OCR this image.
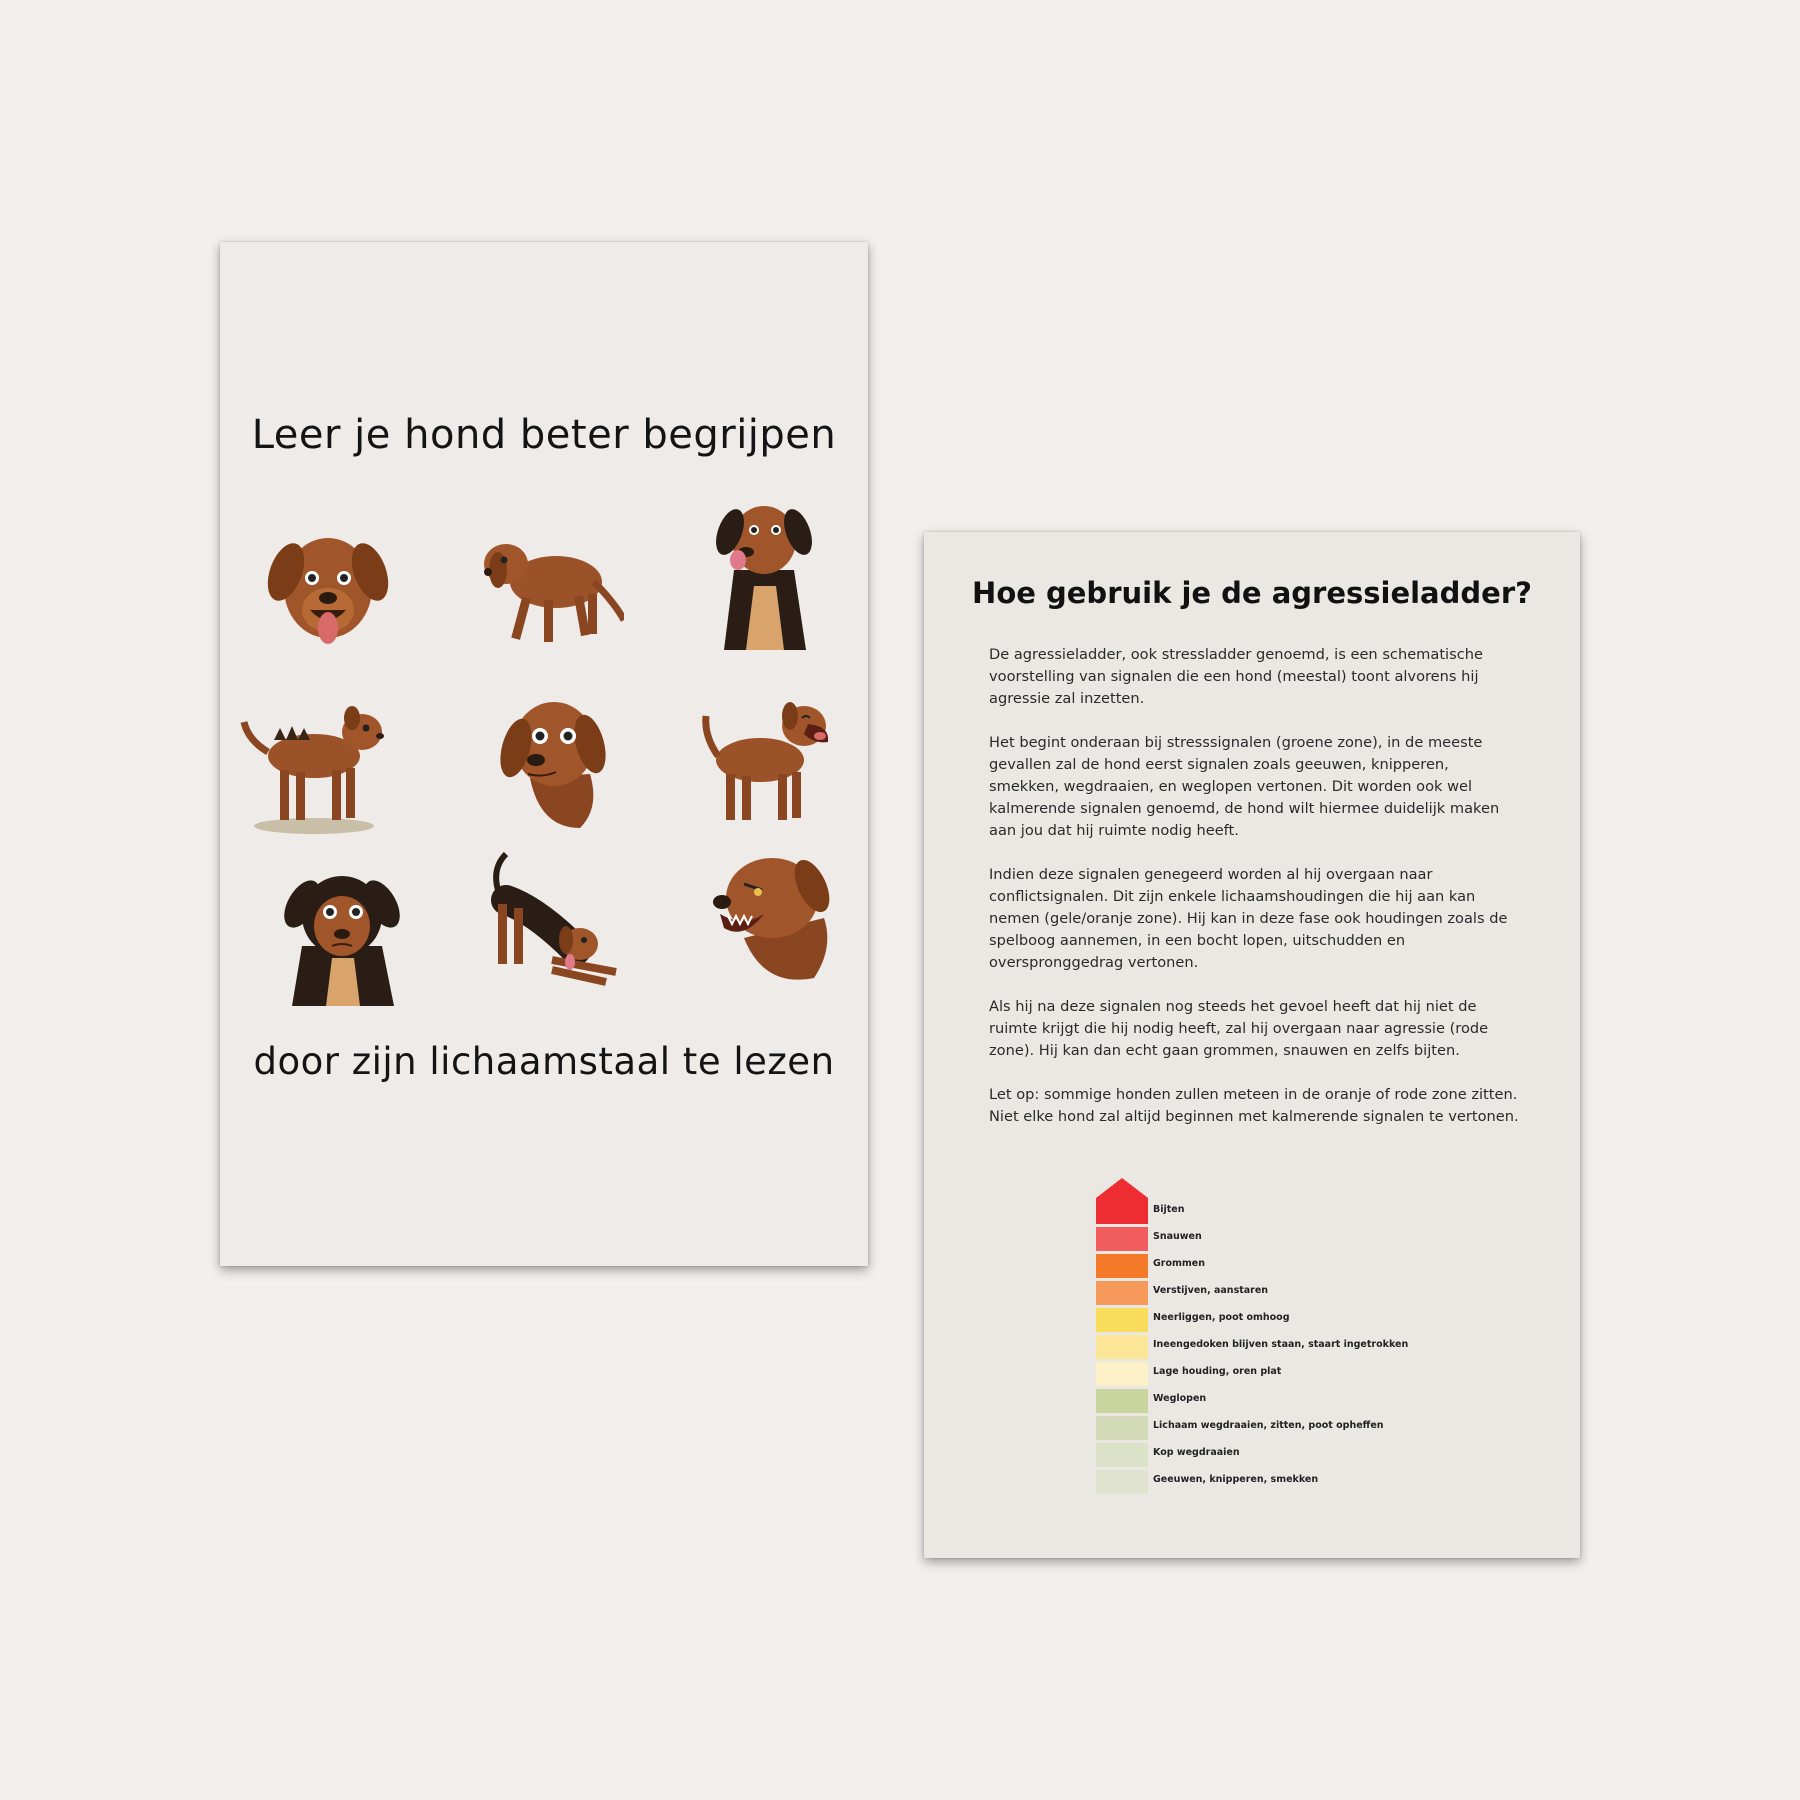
Leer je hond beter begrijpen
door zijn lichaamstaal te lezen
Hoe gebruik je de agressieladder?

De agressieladder, ook stressladder genoemd, is een schematische voorstelling van signalen die een hond (meestal) toont alvorens hij agressie zal inzetten.

Het begint onderaan bij stresssignalen (groene zone), in de meeste gevallen zal de hond eerst signalen zoals geeuwen, knipperen, smekken, wegdraaien, en weglopen vertonen. Dit worden ook wel kalmerende signalen genoemd, de hond wilt hiermee duidelijk maken aan jou dat hij ruimte nodig heeft.

Indien deze signalen genegeerd worden al hij overgaan naar conflictsignalen. Dit zijn enkele lichaamshoudingen die hij aan kan nemen (gele/oranje zone). Hij kan in deze fase ook houdingen zoals de spelboog aannemen, in een bocht lopen, uitschudden en overspronggedrag vertonen.

Als hij na deze signalen nog steeds het gevoel heeft dat hij niet de ruimte krijgt die hij nodig heeft, zal hij overgaan naar agressie (rode zone). Hij kan dan echt gaan grommen, snauwen en zelfs bijten.

Let op: sommige honden zullen meteen in de oranje of rode zone zitten. Niet elke hond zal altijd beginnen met kalmerende signalen te vertonen.

Bijten
Snauwen
Grommen
Verstijven, aanstaren
Neerliggen, poot omhoog
Ineengedoken blijven staan, staart ingetrokken
Lage houding, oren plat
Weglopen
Lichaam wegdraaien, zitten, poot opheffen
Kop wegdraaien
Geeuwen, knipperen, smekken
